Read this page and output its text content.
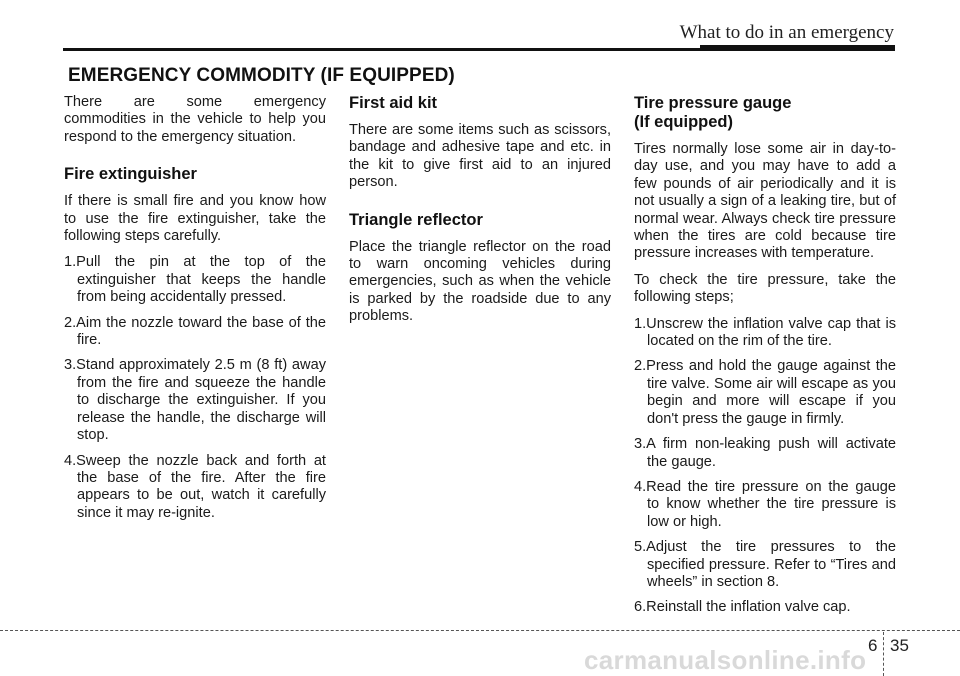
What to do in an emergency
EMERGENCY COMMODITY (IF EQUIPPED)

There are some emergency commodities in the vehicle to help you respond to the emergency situation.

Fire extinguisher

If there is small fire and you know how to use the fire extinguisher, take the following steps carefully.

1.Pull the pin at the top of the extinguisher that keeps the handle from being accidentally pressed.
2.Aim the nozzle toward the base of the fire.
3.Stand approximately 2.5 m (8 ft) away from the fire and squeeze the handle to discharge the extinguisher. If you release the handle, the discharge will stop.
4.Sweep the nozzle back and forth at the base of the fire. After the fire appears to be out, watch it carefully since it may re-ignite.
First aid kit

There are some items such as scissors, bandage and adhesive tape and etc. in the kit to give first aid to an injured person.

Triangle reflector

Place the triangle reflector on the road to warn oncoming vehicles during emergencies, such as when the vehicle is parked by the roadside due to any problems.

Tire pressure gauge
(If equipped)

Tires normally lose some air in day-to-day use, and you may have to add a few pounds of air periodically and it is not usually a sign of a leaking tire, but of normal wear. Always check tire pressure when the tires are cold because tire pressure increases with temperature.

To check the tire pressure, take the following steps;

1.Unscrew the inflation valve cap that is located on the rim of the tire.
2.Press and hold the gauge against the tire valve. Some air will escape as you begin and more will escape if you don't press the gauge in firmly.
3.A firm non-leaking push will activate the gauge.
4.Read the tire pressure on the gauge to know whether the tire pressure is low or high.
5.Adjust the tire pressures to the specified pressure. Refer to “Tires and wheels” in section 8.
6.Reinstall the inflation valve cap.
6 35
carmanualsonline.info
